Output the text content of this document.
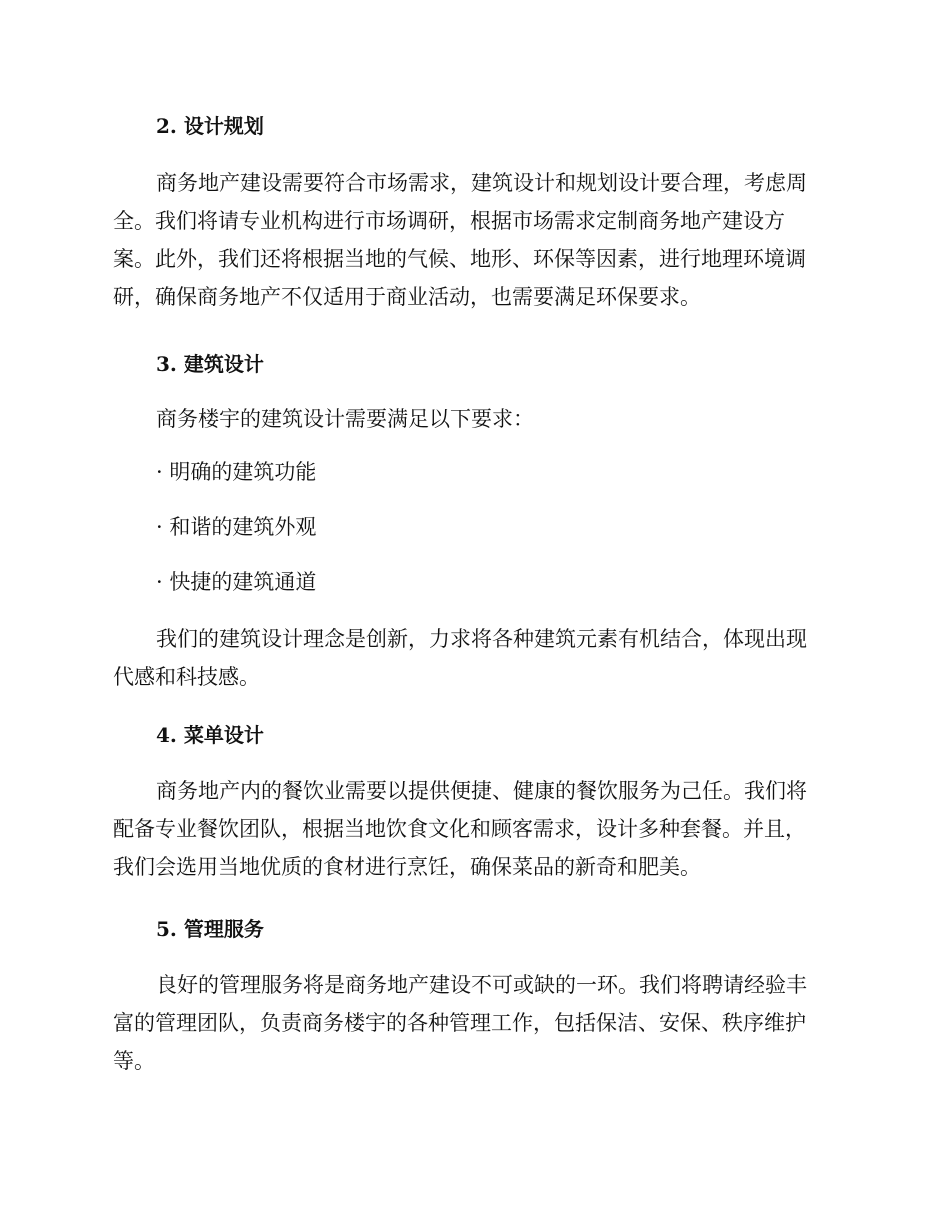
2. 设计规划
商务地产建设需要符合市场需求，建筑设计和规划设计要合理，考虑周
全。我们将请专业机构进行市场调研，根据市场需求定制商务地产建设方
案。此外，我们还将根据当地的气候、地形、环保等因素，进行地理环境调
研，确保商务地产不仅适用于商业活动，也需要满足环保要求。
3. 建筑设计

商务楼宇的建筑设计需要满足以下要求：

· 明确的建筑功能

· 和谐的建筑外观

· 快捷的建筑通道

我们的建筑设计理念是创新，力求将各种建筑元素有机结合，体现出现
代感和科技感。
4. 菜单设计
商务地产内的餐饮业需要以提供便捷、健康的餐饮服务为己任。我们将
配备专业餐饮团队，根据当地饮食文化和顾客需求，设计多种套餐。并且，
我们会选用当地优质的食材进行烹饪，确保菜品的新奇和肥美。
5. 管理服务
良好的管理服务将是商务地产建设不可或缺的一环。我们将聘请经验丰
富的管理团队，负责商务楼宇的各种管理工作，包括保洁、安保、秩序维护
等。
